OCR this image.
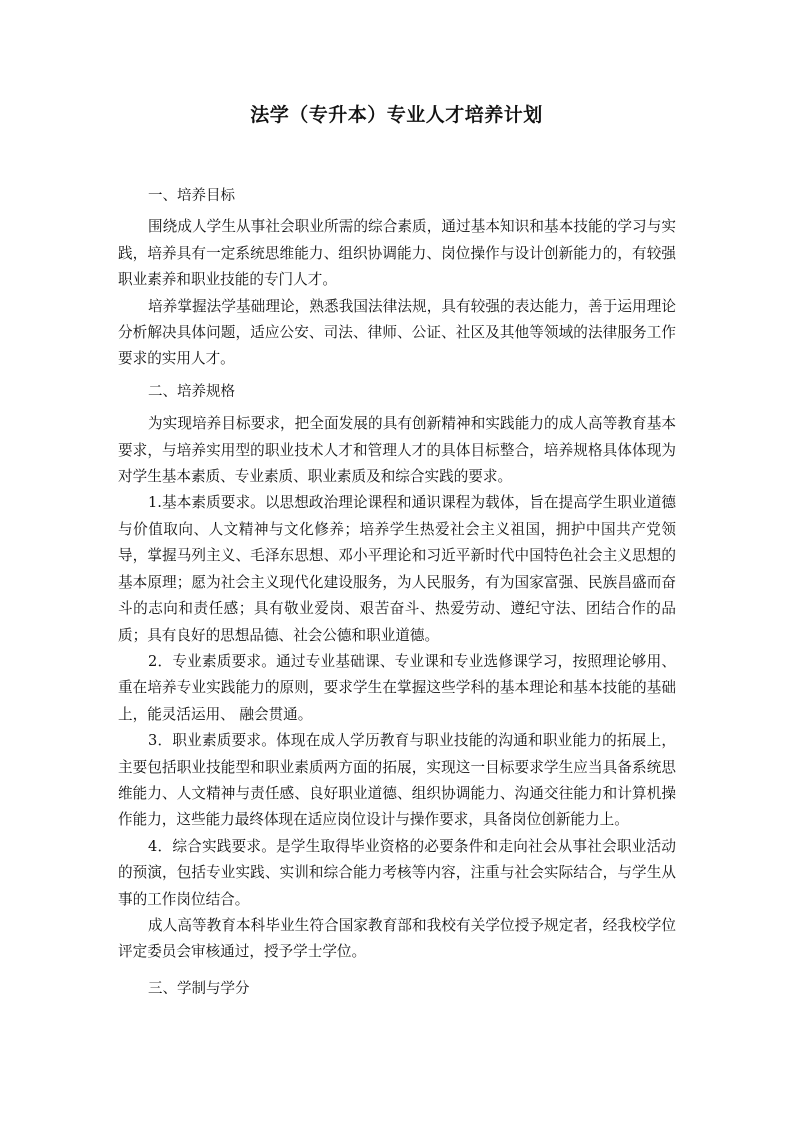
法学（专升本）专业人才培养计划
一、培养目标

围绕成人学生从事社会职业所需的综合素质，通过基本知识和基本技能的学习与实践，培养具有一定系统思维能力、组织协调能力、岗位操作与设计创新能力的，有较强职业素养和职业技能的专门人才。

培养掌握法学基础理论，熟悉我国法律法规，具有较强的表达能力，善于运用理论分析解决具体问题，适应公安、司法、律师、公证、社区及其他等领域的法律服务工作要求的实用人才。

二、培养规格

为实现培养目标要求，把全面发展的具有创新精神和实践能力的成人高等教育基本要求，与培养实用型的职业技术人才和管理人才的具体目标整合，培养规格具体体现为对学生基本素质、专业素质、职业素质及和综合实践的要求。

1.基本素质要求。以思想政治理论课程和通识课程为载体，旨在提高学生职业道德与价值取向、人文精神与文化修养；培养学生热爱社会主义祖国，拥护中国共产党领导，掌握马列主义、毛泽东思想、邓小平理论和习近平新时代中国特色社会主义思想的基本原理；愿为社会主义现代化建设服务，为人民服务，有为国家富强、民族昌盛而奋斗的志向和责任感；具有敬业爱岗、艰苦奋斗、热爱劳动、遵纪守法、团结合作的品质；具有良好的思想品德、社会公德和职业道德。

2．专业素质要求。通过专业基础课、专业课和专业选修课学习，按照理论够用、重在培养专业实践能力的原则，要求学生在掌握这些学科的基本理论和基本技能的基础上，能灵活运用、 融会贯通。

3．职业素质要求。体现在成人学历教育与职业技能的沟通和职业能力的拓展上，主要包括职业技能型和职业素质两方面的拓展，实现这一目标要求学生应当具备系统思维能力、人文精神与责任感、良好职业道德、组织协调能力、沟通交往能力和计算机操作能力，这些能力最终体现在适应岗位设计与操作要求，具备岗位创新能力上。

4．综合实践要求。是学生取得毕业资格的必要条件和走向社会从事社会职业活动的预演，包括专业实践、实训和综合能力考核等内容，注重与社会实际结合，与学生从事的工作岗位结合。

成人高等教育本科毕业生符合国家教育部和我校有关学位授予规定者，经我校学位评定委员会审核通过，授予学士学位。

三、学制与学分
